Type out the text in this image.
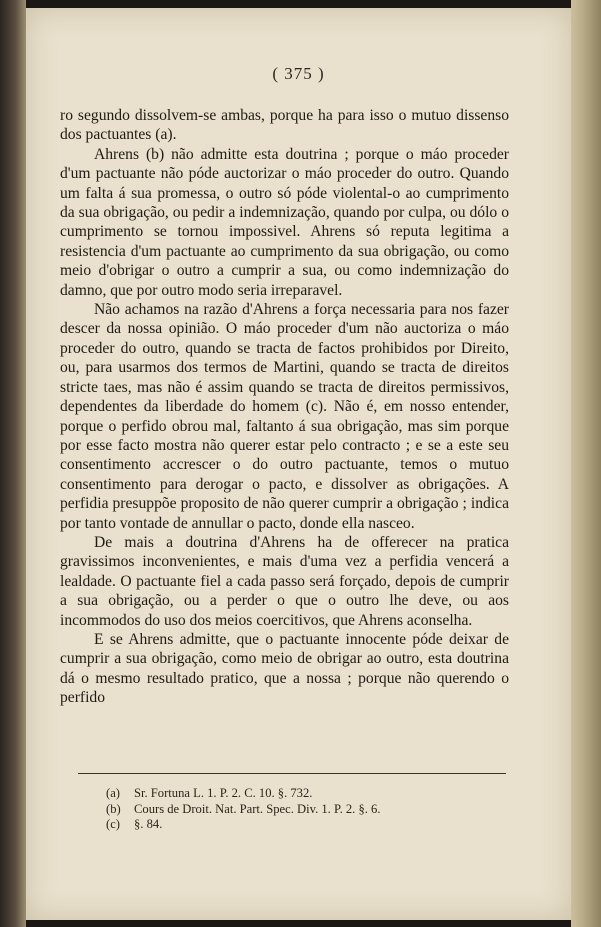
( 375 )

ro segundo dissolvem-se ambas, porque ha para isso o mutuo dissenso dos pactuantes (a).

Ahrens (b) não admitte esta doutrina ; porque o máo proceder d'um pactuante não póde auctorizar o máo proceder do outro. Quando um falta á sua promessa, o outro só póde violental-o ao cumprimento da sua obrigação, ou pedir a indemnização, quando por culpa, ou dólo o cumprimento se tornou impossivel. Ahrens só reputa legitima a resistencia d'um pactuante ao cumprimento da sua obrigação, ou como meio d'obrigar o outro a cumprir a sua, ou como indemnização do damno, que por outro modo seria irreparavel.

Não achamos na razão d'Ahrens a força necessaria para nos fazer descer da nossa opinião. O máo proceder d'um não auctoriza o máo proceder do outro, quando se tracta de factos prohibidos por Direito, ou, para usarmos dos termos de Martini, quando se tracta de direitos stricte taes, mas não é assim quando se tracta de direitos permissivos, dependentes da liberdade do homem (c). Não é, em nosso entender, porque o perfido obrou mal, faltanto á sua obrigação, mas sim porque por esse facto mostra não querer estar pelo contracto ; e se a este seu consentimento accrescer o do outro pactuante, temos o mutuo consentimento para derogar o pacto, e dissolver as obrigações. A perfidia presuppõe proposito de não querer cumprir a obrigação ; indica por tanto vontade de annullar o pacto, donde ella nasceo.

De mais a doutrina d'Ahrens ha de offerecer na pratica gravissimos inconvenientes, e mais d'uma vez a perfidia vencerá a lealdade. O pactuante fiel a cada passo será forçado, depois de cumprir a sua obrigação, ou a perder o que o outro lhe deve, ou aos incommodos do uso dos meios coercitivos, que Ahrens aconselha.

E se Ahrens admitte, que o pactuante innocente póde deixar de cumprir a sua obrigação, como meio de obrigar ao outro, esta doutrina dá o mesmo resultado pratico, que a nossa ; porque não querendo o perfido

(a)	Sr. Fortuna L. 1. P. 2. C. 10. §. 732.
(b)	Cours de Droit. Nat. Part. Spec. Div. 1. P. 2. §. 6.
(c)	§. 84.
